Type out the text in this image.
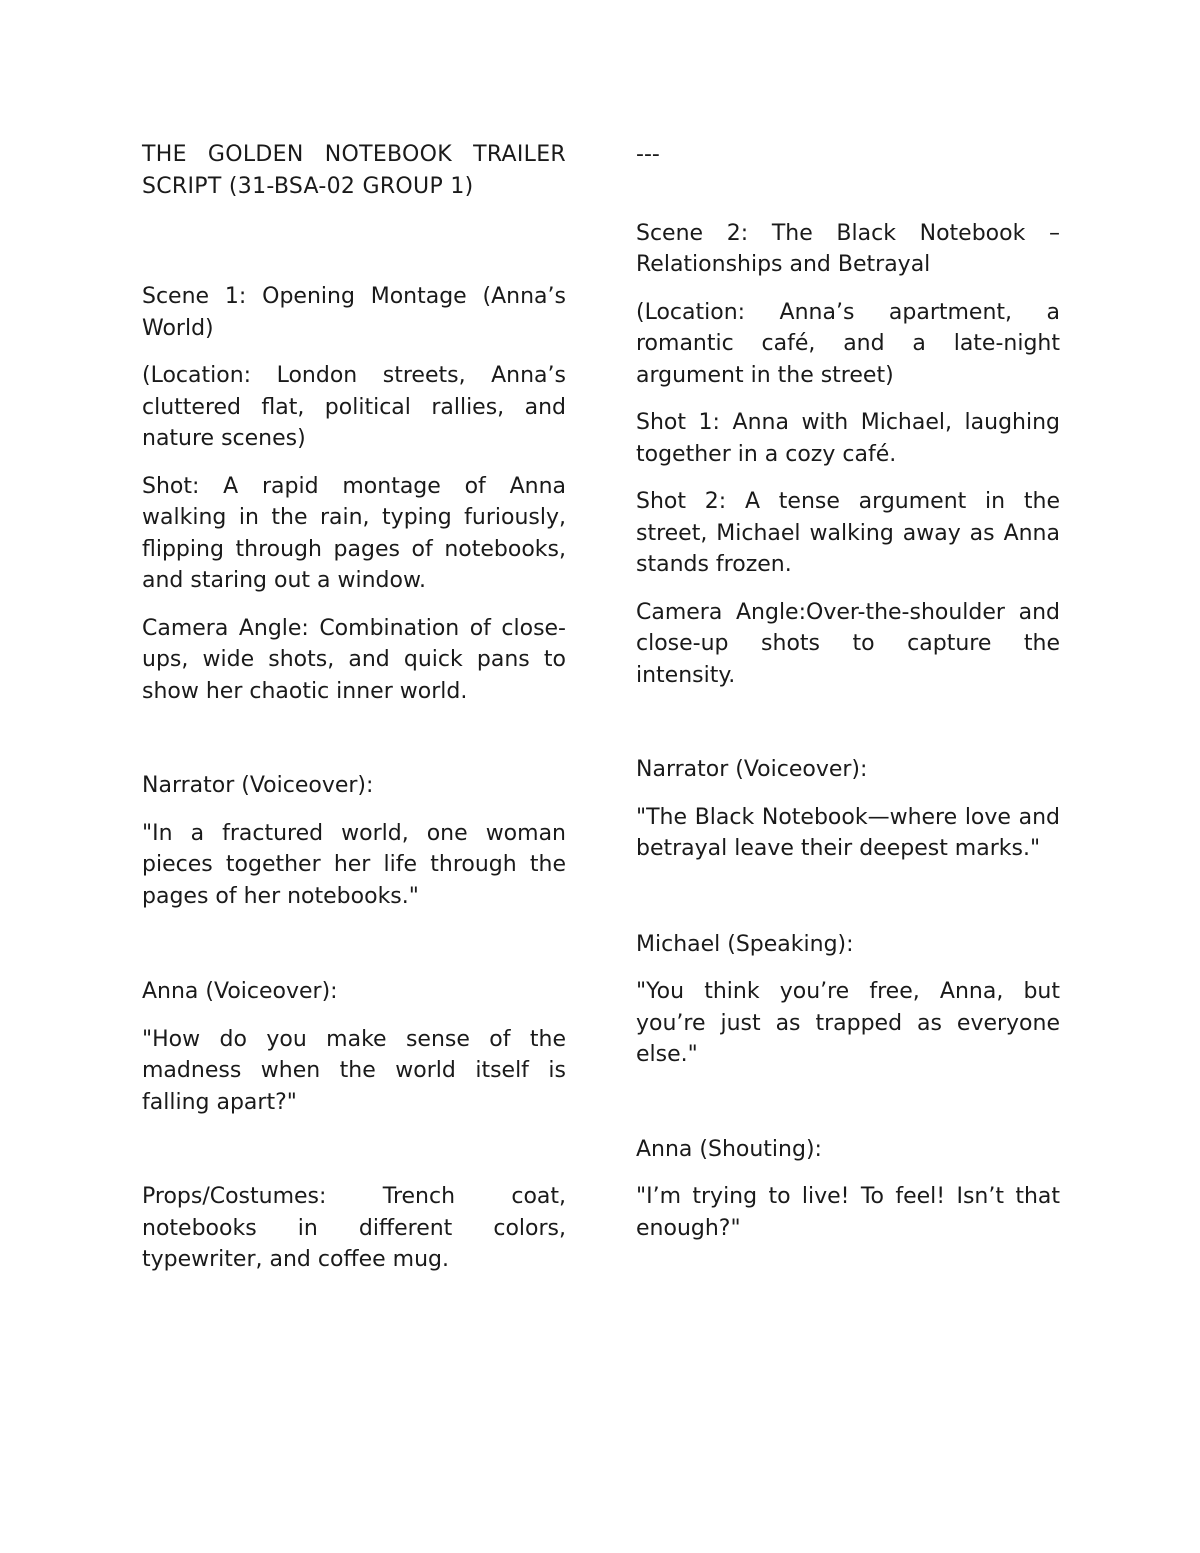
THE GOLDEN NOTEBOOK TRAILER SCRIPT (31-BSA-02 GROUP 1)

Scene 1: Opening Montage (Anna’s World)

(Location: London streets, Anna’s cluttered flat, political rallies, and nature scenes)

Shot: A rapid montage of Anna walking in the rain, typing furiously, flipping through pages of notebooks, and staring out a window.

Camera Angle: Combination of close-ups, wide shots, and quick pans to show her chaotic inner world.

Narrator (Voiceover):

"In a fractured world, one woman pieces together her life through the pages of her notebooks."

Anna (Voiceover):

"How do you make sense of the madness when the world itself is falling apart?"

Props/Costumes: Trench coat, notebooks in different colors, typewriter, and coffee mug.

---

Scene 2: The Black Notebook – Relationships and Betrayal

(Location: Anna’s apartment, a romantic café, and a late-night argument in the street)

Shot 1: Anna with Michael, laughing together in a cozy café.

Shot 2: A tense argument in the street, Michael walking away as Anna stands frozen.

Camera Angle:Over-the-shoulder and close-up shots to capture the intensity.

Narrator (Voiceover):

"The Black Notebook—where love and betrayal leave their deepest marks."

Michael (Speaking):

"You think you’re free, Anna, but you’re just as trapped as everyone else."

Anna (Shouting):

"I’m trying to live! To feel! Isn’t that enough?"
